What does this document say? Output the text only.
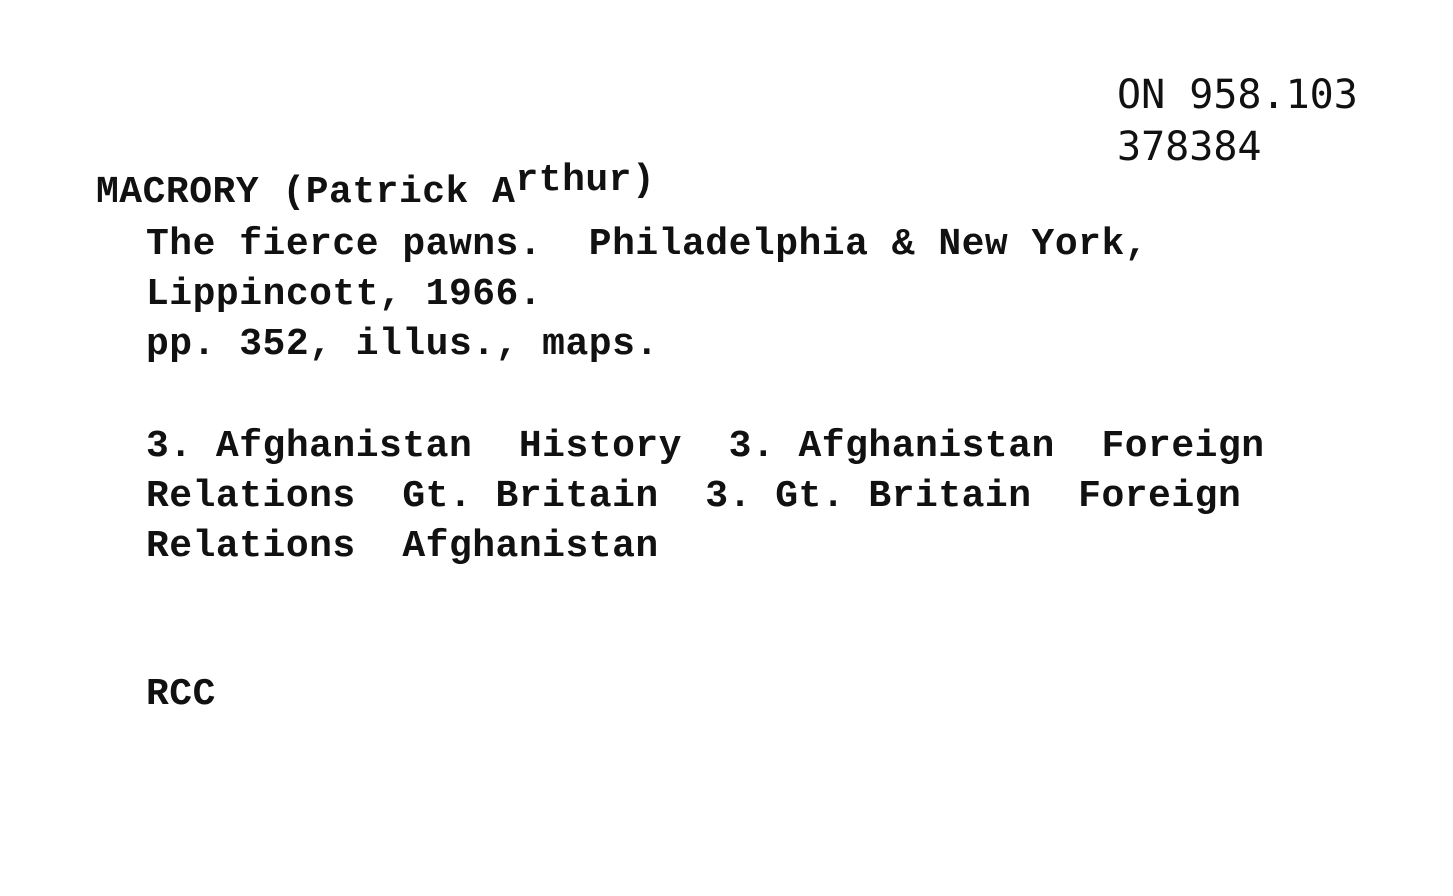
ON 958.103
378384
MACRORY (Patrick Arthur)
The fierce pawns.  Philadelphia & New York,
Lippincott, 1966.
pp. 352, illus., maps.
3. Afghanistan  History  3. Afghanistan  Foreign
Relations  Gt. Britain  3. Gt. Britain  Foreign
Relations  Afghanistan
RCC
